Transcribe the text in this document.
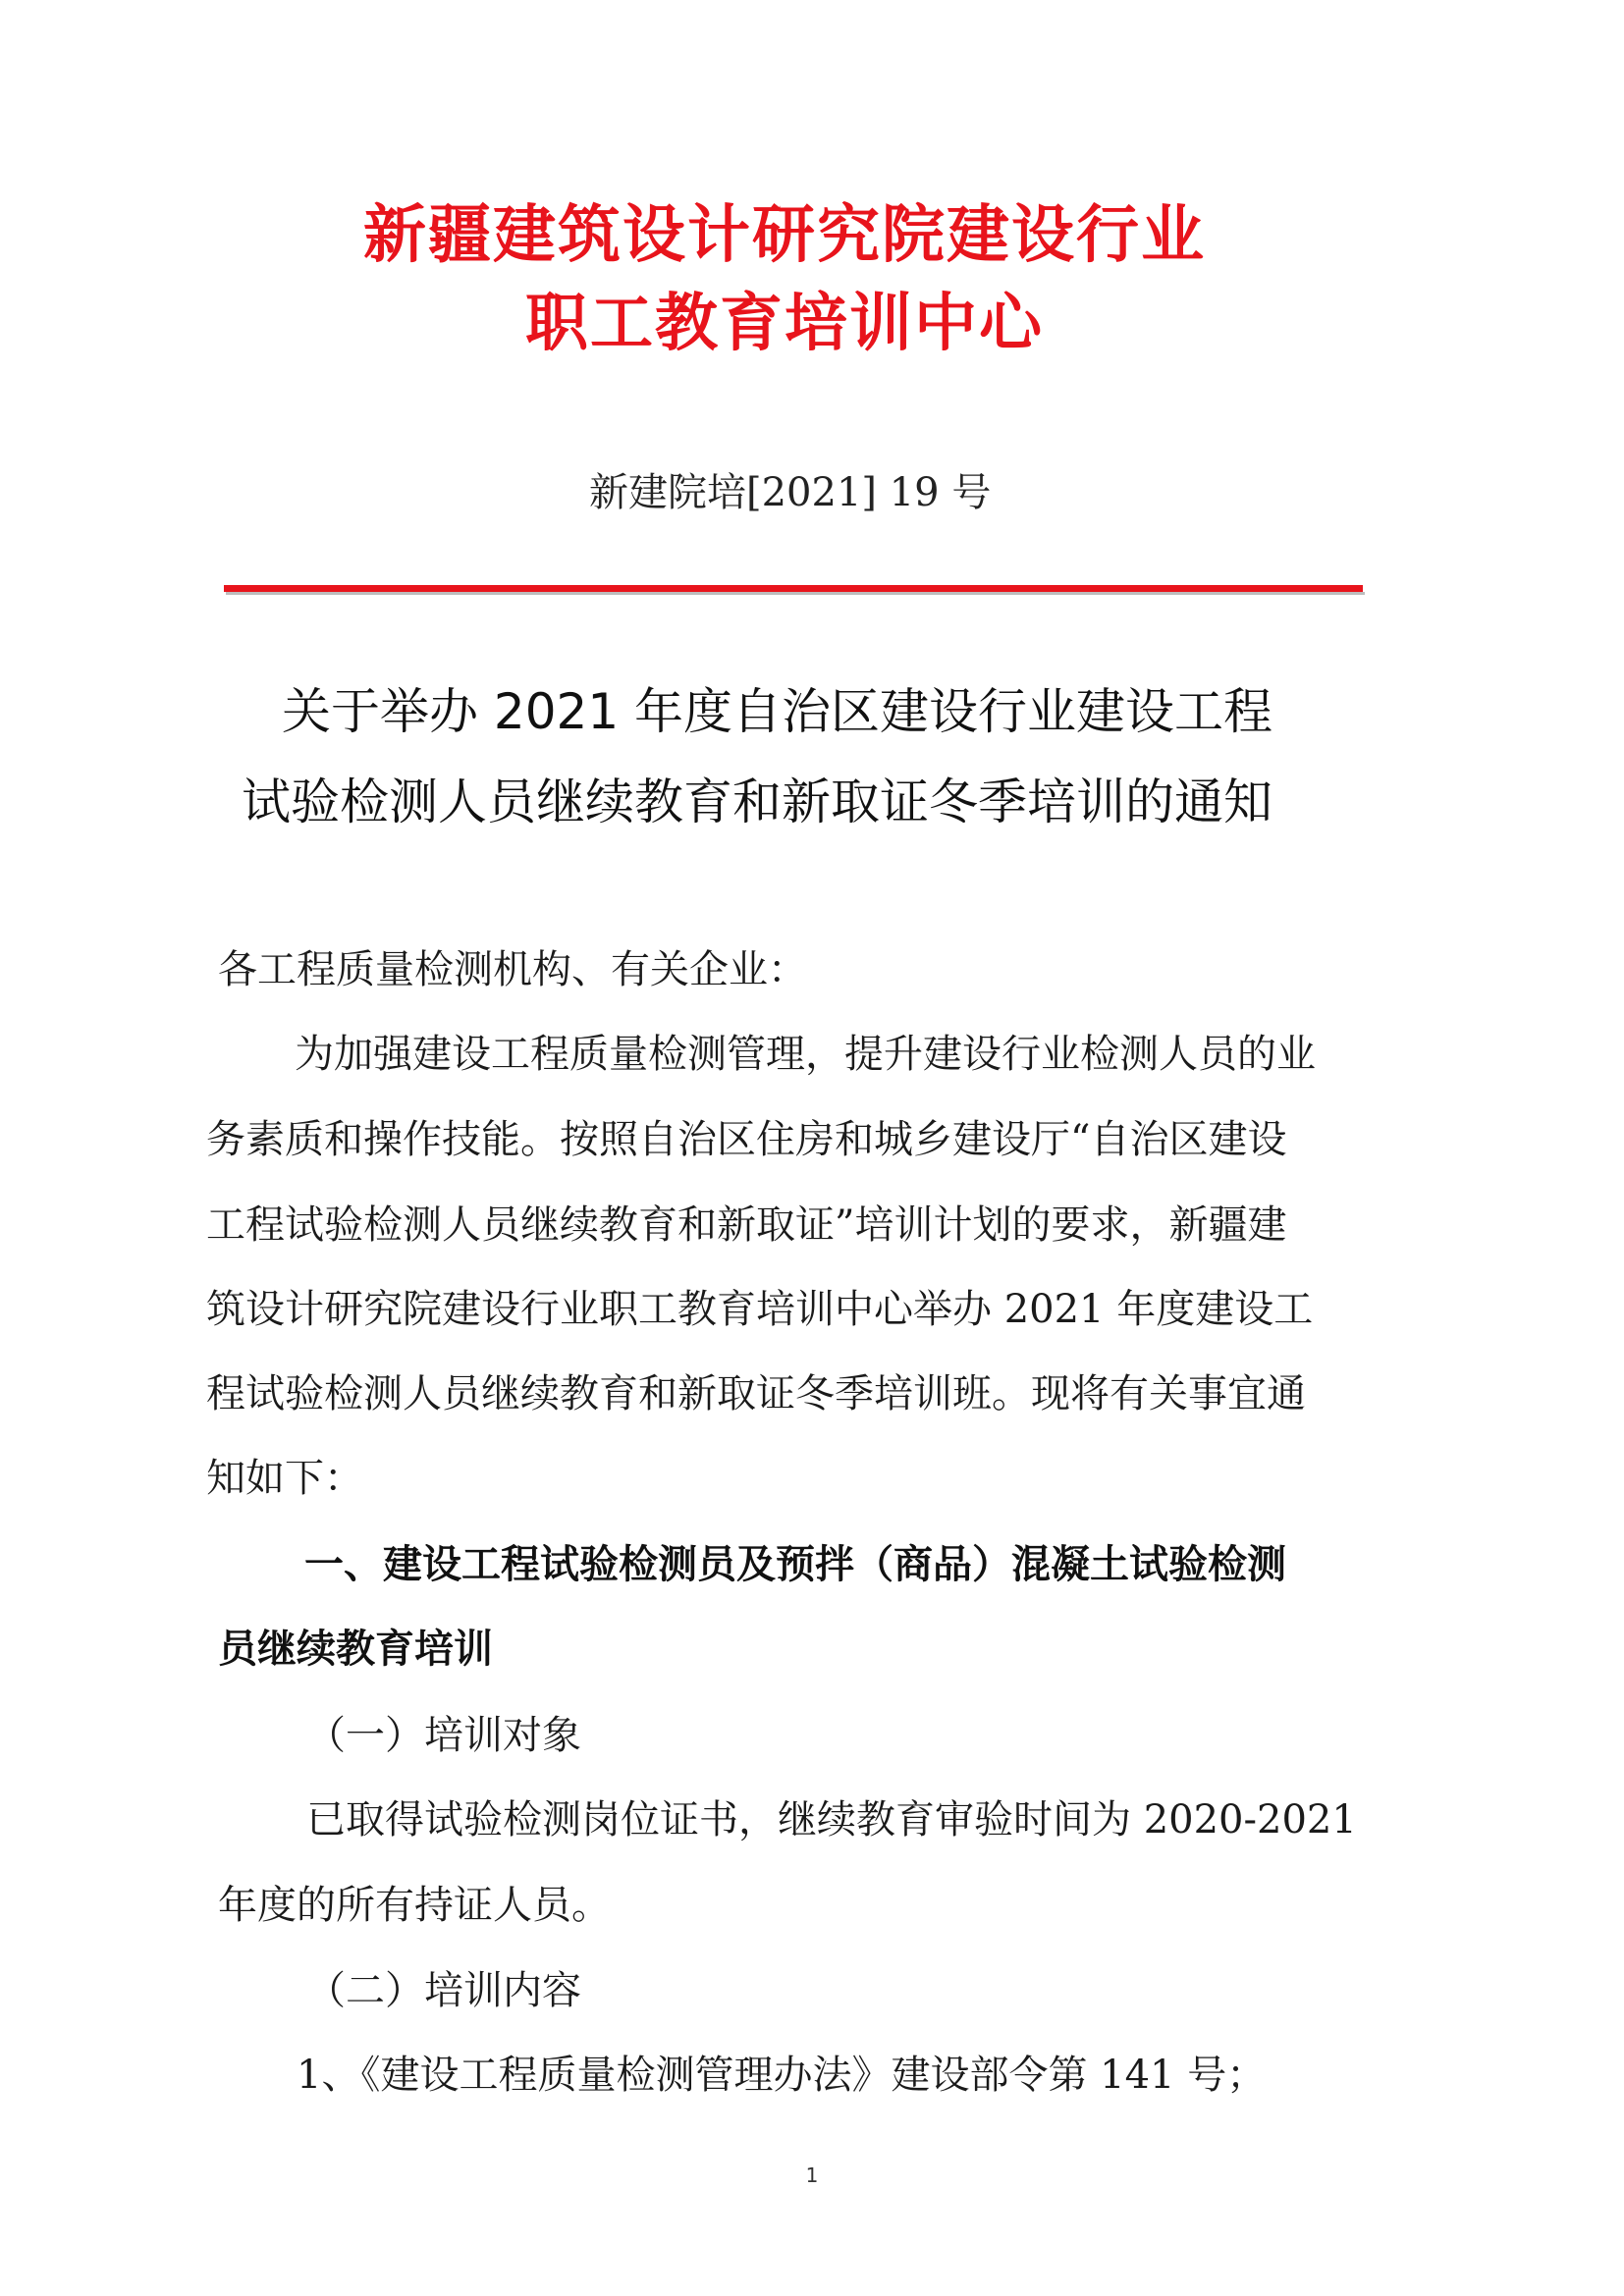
新疆建筑设计研究院建设行业
职工教育培训中心
新建院培[2021] 19 号
关于举办 2021 年度自治区建设行业建设工程
试验检测人员继续教育和新取证冬季培训的通知
各工程质量检测机构、有关企业：
为加强建设工程质量检测管理，提升建设行业检测人员的业
务素质和操作技能。按照自治区住房和城乡建设厅“自治区建设
工程试验检测人员继续教育和新取证”培训计划的要求，新疆建
筑设计研究院建设行业职工教育培训中心举办 2021 年度建设工
程试验检测人员继续教育和新取证冬季培训班。现将有关事宜通
知如下：
一、建设工程试验检测员及预拌（商品）混凝土试验检测
员继续教育培训
（一）培训对象
已取得试验检测岗位证书，继续教育审验时间为 2020-2021
年度的所有持证人员。
（二）培训内容
1、《建设工程质量检测管理办法》建设部令第 141 号；
1
